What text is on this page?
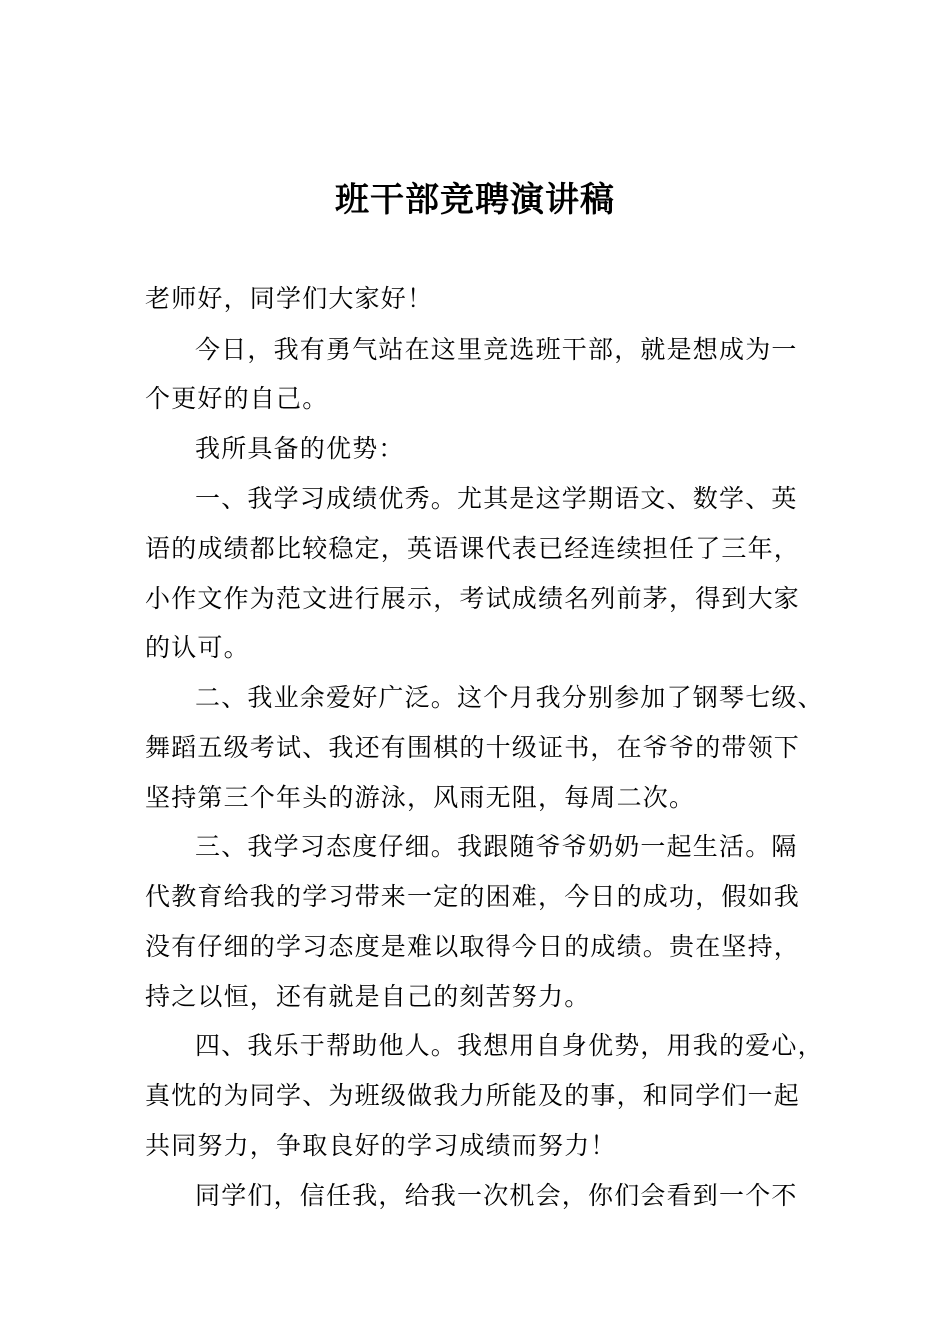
班干部竞聘演讲稿
老师好，同学们大家好！
今日，我有勇气站在这里竞选班干部，就是想成为一
个更好的自己。
我所具备的优势：
一、我学习成绩优秀。尤其是这学期语文、数学、英
语的成绩都比较稳定，英语课代表已经连续担任了三年，
小作文作为范文进行展示，考试成绩名列前茅，得到大家
的认可。
二、我业余爱好广泛。这个月我分别参加了钢琴七级、
舞蹈五级考试、我还有围棋的十级证书，在爷爷的带领下
坚持第三个年头的游泳，风雨无阻，每周二次。
三、我学习态度仔细。我跟随爷爷奶奶一起生活。隔
代教育给我的学习带来一定的困难，今日的成功，假如我
没有仔细的学习态度是难以取得今日的成绩。贵在坚持，
持之以恒，还有就是自己的刻苦努力。
四、我乐于帮助他人。我想用自身优势，用我的爱心，
真忱的为同学、为班级做我力所能及的事，和同学们一起
共同努力，争取良好的学习成绩而努力！
同学们，信任我，给我一次机会，你们会看到一个不
